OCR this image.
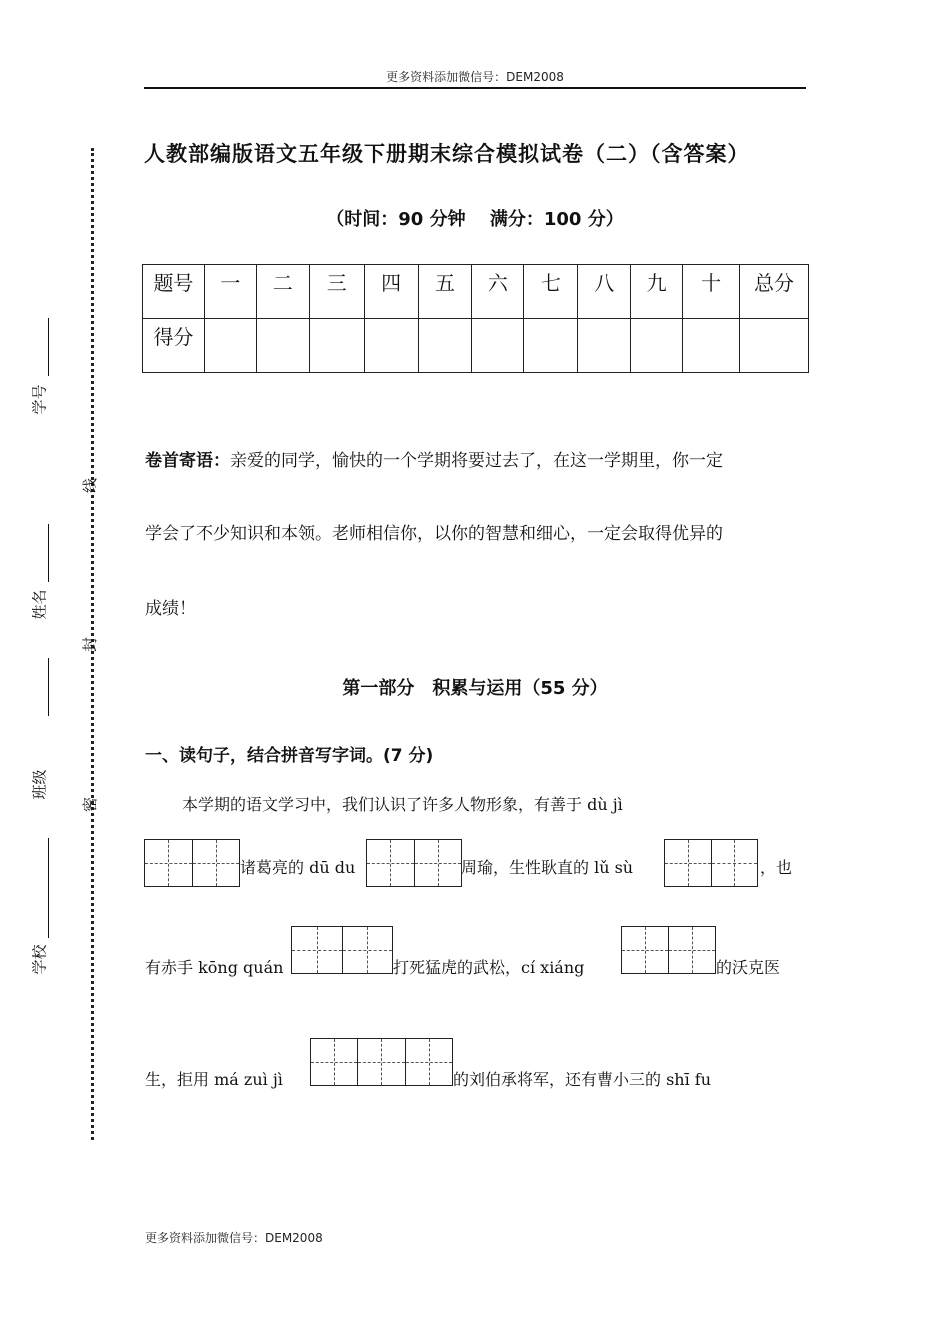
更多资料添加微信号：DEM2008
学号
姓名
班级
学校
线
封
密
人教部编版语文五年级下册期末综合模拟试卷（二）（含答案）
（时间：90 分钟　 满分：100 分）
题号	一	二	三	四	五	六	七	八	九	十	总分
得分											
卷首寄语：亲爱的同学，愉快的一个学期将要过去了，在这一学期里，你一定
学会了不少知识和本领。老师相信你，以你的智慧和细心，一定会取得优异的
成绩！
第一部分　积累与运用（55 分）
一、读句子，结合拼音写字词。(7 分)
本学期的语文学习中，我们认识了许多人物形象，有善于 dù jì
诸葛亮的 dū du	周瑜，生性耿直的 lǔ sù	，也
有赤手 kōng quán	打死猛虎的武松，cí xiáng	的沃克医
生，拒用 má zuì jì	的刘伯承将军，还有曹小三的 shī fu
更多资料添加微信号：DEM2008
